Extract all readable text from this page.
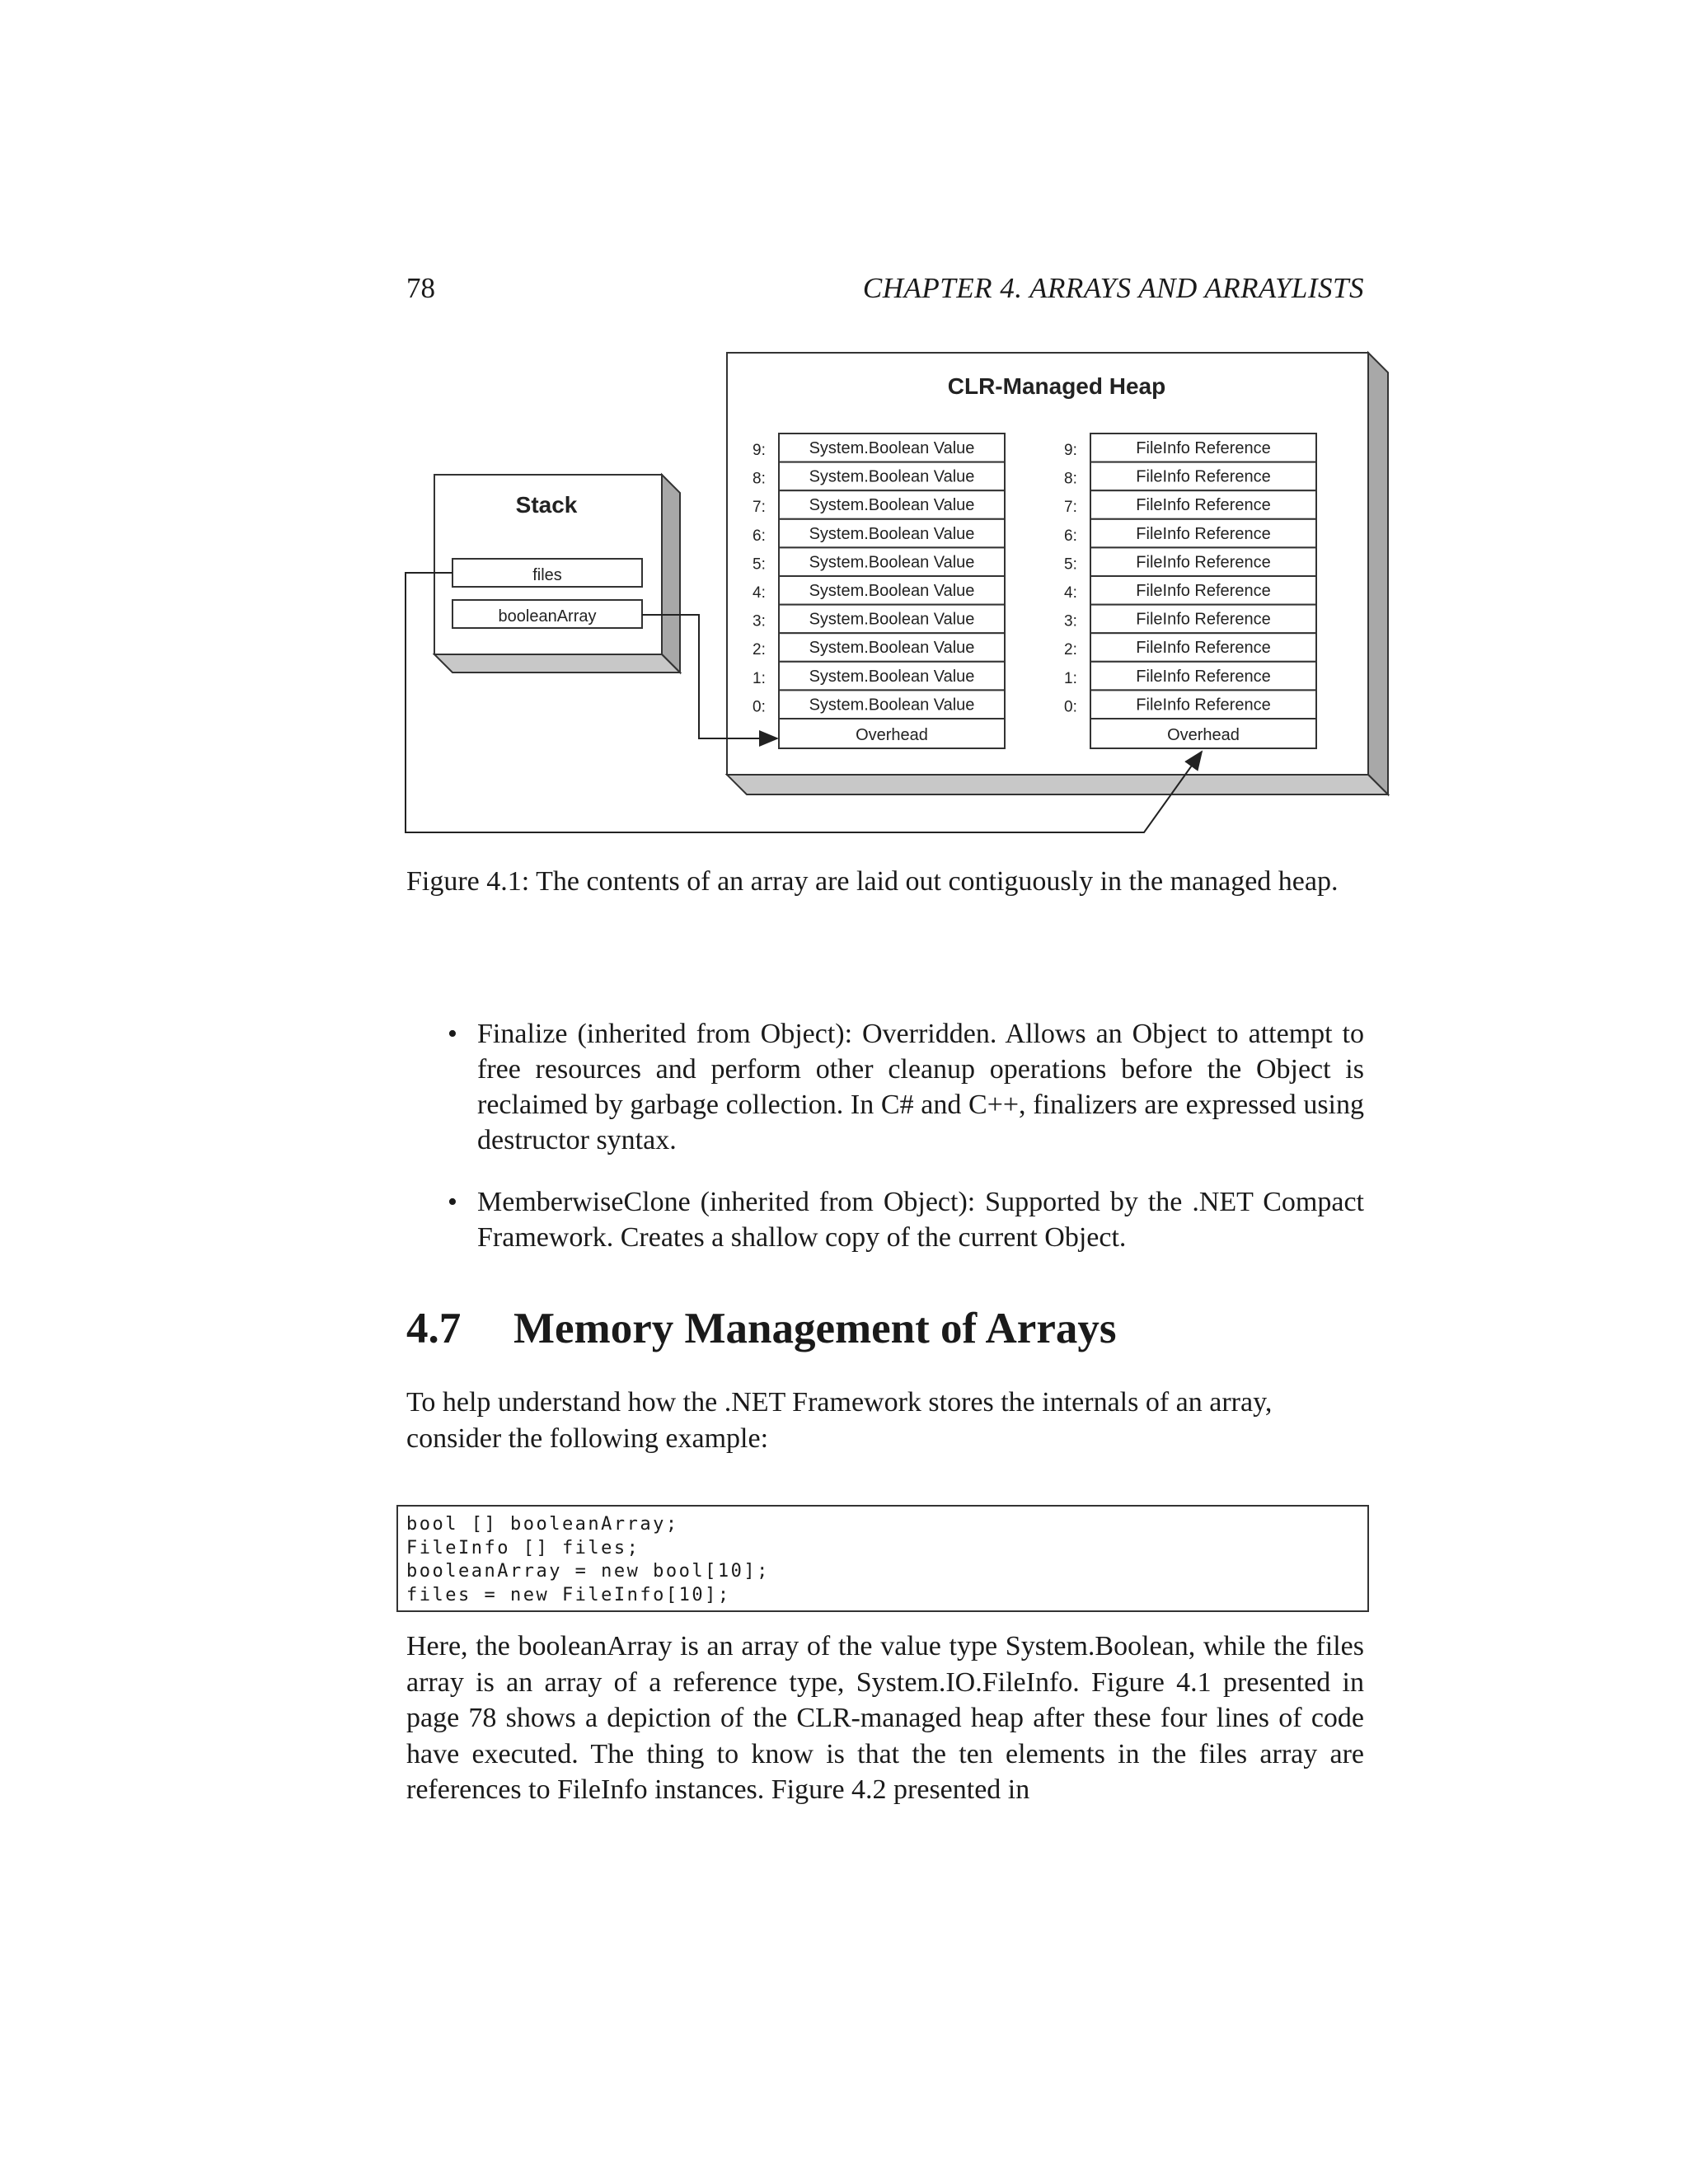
78	CHAPTER 4. ARRAYS AND ARRAYLISTS
CLR-Managed Heap
Stack
files
booleanArray
System.Boolean Value
9:
System.Boolean Value
8:
System.Boolean Value
7:
System.Boolean Value
6:
System.Boolean Value
5:
System.Boolean Value
4:
System.Boolean Value
3:
System.Boolean Value
2:
System.Boolean Value
1:
System.Boolean Value
0:
Overhead
FileInfo Reference
9:
FileInfo Reference
8:
FileInfo Reference
7:
FileInfo Reference
6:
FileInfo Reference
5:
FileInfo Reference
4:
FileInfo Reference
3:
FileInfo Reference
2:
FileInfo Reference
1:
FileInfo Reference
0:
Overhead

Figure 4.1: The contents of an array are laid out contiguously in the managed heap.

• Finalize (inherited from Object): Overridden. Allows an Object to attempt to free resources and perform other cleanup operations before the Object is reclaimed by garbage collection. In C# and C++, finalizers are expressed using destructor syntax.
• MemberwiseClone (inherited from Object): Supported by the .NET Compact Framework. Creates a shallow copy of the current Object.
4.7 Memory Management of Arrays

To help understand how the .NET Framework stores the internals of an array, consider the following example:

bool [] booleanArray;
FileInfo [] files;
booleanArray = new bool[10];
files = new FileInfo[10];

Here, the booleanArray is an array of the value type System.Boolean, while the files array is an array of a reference type, System.IO.FileInfo. Figure 4.1 presented in page 78 shows a depiction of the CLR-managed heap after these four lines of code have executed. The thing to know is that the ten elements in the files array are references to FileInfo instances. Figure 4.2 presented in
